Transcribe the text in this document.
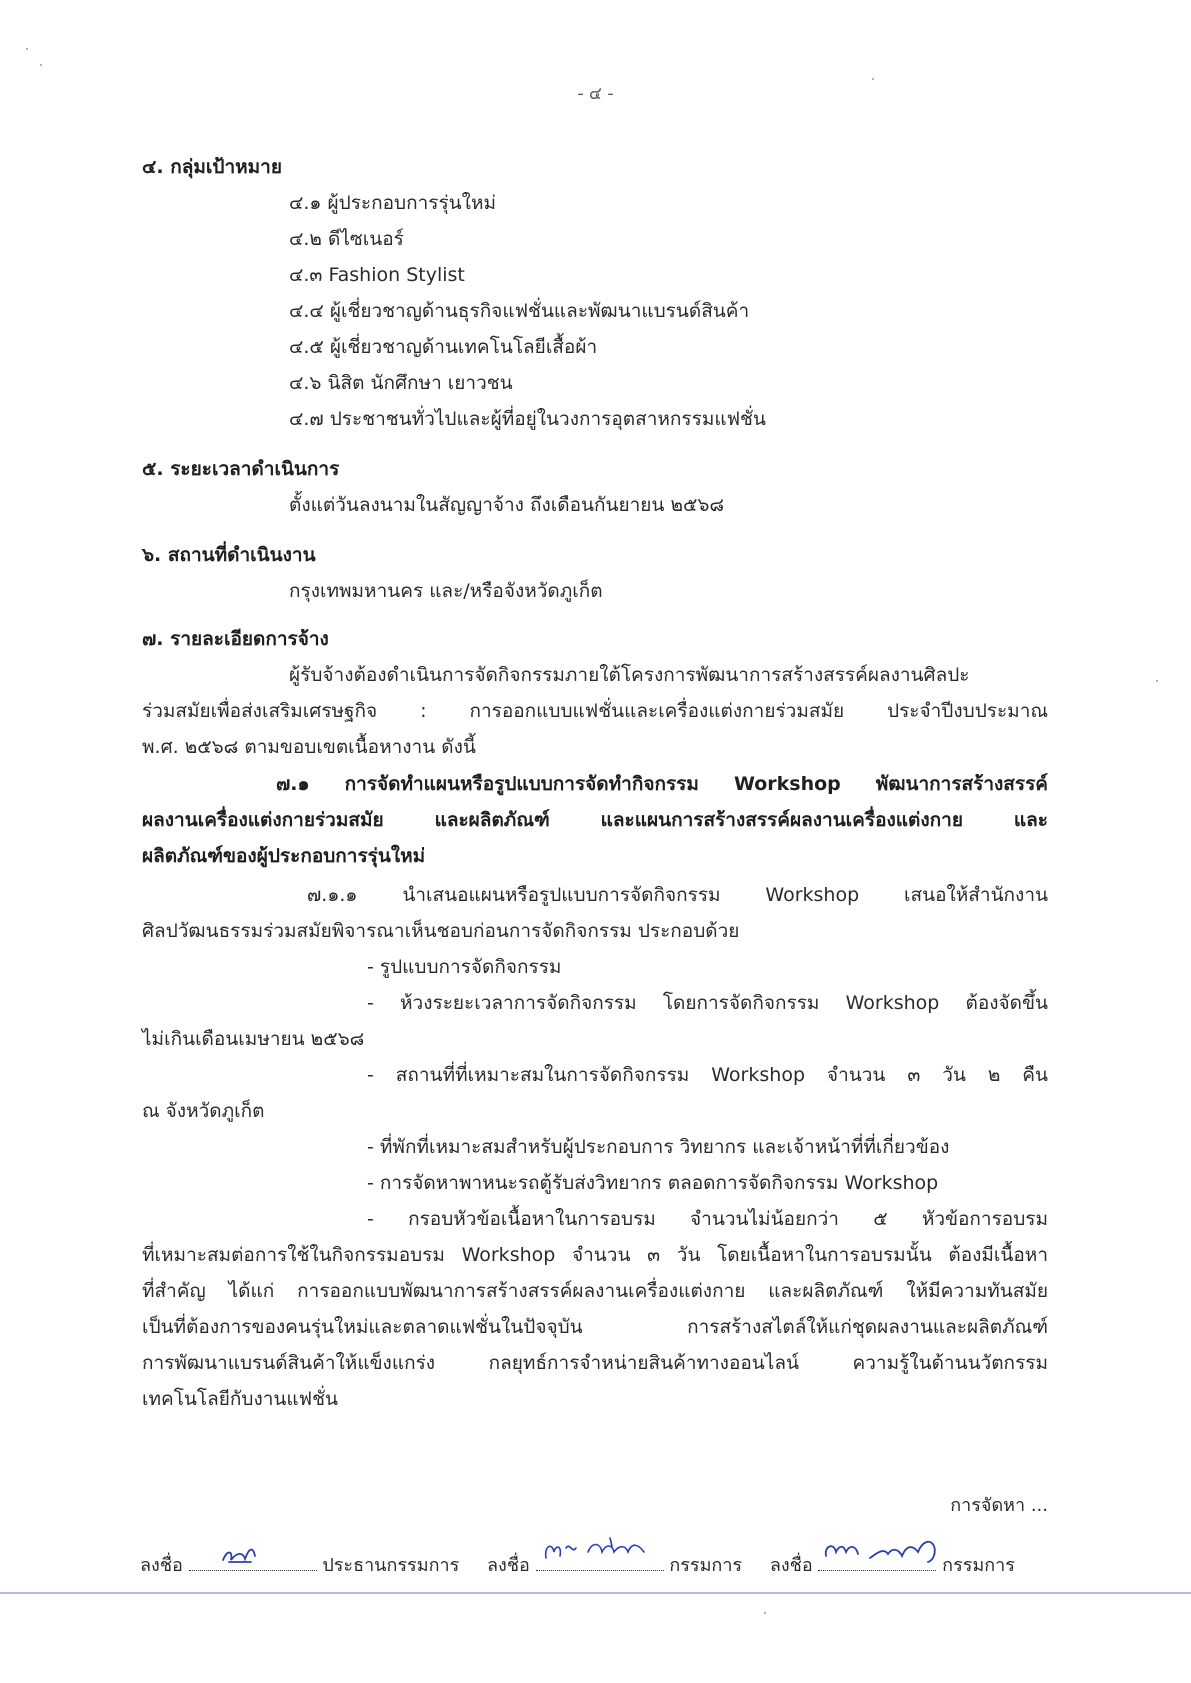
- ๔ -
๔. กลุ่มเป้าหมาย
๔.๑ ผู้ประกอบการรุ่นใหม่
๔.๒ ดีไซเนอร์
๔.๓ Fashion Stylist
๔.๔ ผู้เชี่ยวชาญด้านธุรกิจแฟชั่นและพัฒนาแบรนด์สินค้า
๔.๕ ผู้เชี่ยวชาญด้านเทคโนโลยีเสื้อผ้า
๔.๖ นิสิต นักศึกษา เยาวชน
๔.๗ ประชาชนทั่วไปและผู้ที่อยู่ในวงการอุตสาหกรรมแฟชั่น
๕. ระยะเวลาดำเนินการ
ตั้งแต่วันลงนามในสัญญาจ้าง ถึงเดือนกันยายน ๒๕๖๘
๖. สถานที่ดำเนินงาน
กรุงเทพมหานคร และ/หรือจังหวัดภูเก็ต
๗. รายละเอียดการจ้าง
ผู้รับจ้างต้องดำเนินการจัดกิจกรรมภายใต้โครงการพัฒนาการสร้างสรรค์ผลงานศิลปะ
ร่วมสมัยเพื่อส่งเสริมเศรษฐกิจ : การออกแบบแฟชั่นและเครื่องแต่งกายร่วมสมัย ประจำปีงบประมาณ
พ.ศ. ๒๕๖๘ ตามขอบเขตเนื้อหางาน ดังนี้
๗.๑ การจัดทำแผนหรือรูปแบบการจัดทำกิจกรรม Workshop พัฒนาการสร้างสรรค์
ผลงานเครื่องแต่งกายร่วมสมัย และผลิตภัณฑ์ และแผนการสร้างสรรค์ผลงานเครื่องแต่งกาย และ
ผลิตภัณฑ์ของผู้ประกอบการรุ่นใหม่
๗.๑.๑ นำเสนอแผนหรือรูปแบบการจัดกิจกรรม Workshop เสนอให้สำนักงาน
ศิลปวัฒนธรรมร่วมสมัยพิจารณาเห็นชอบก่อนการจัดกิจกรรม ประกอบด้วย
- รูปแบบการจัดกิจกรรม
- ห้วงระยะเวลาการจัดกิจกรรม โดยการจัดกิจกรรม Workshop ต้องจัดขึ้น
ไม่เกินเดือนเมษายน ๒๕๖๘
- สถานที่ที่เหมาะสมในการจัดกิจกรรม Workshop จำนวน ๓ วัน ๒ คืน
ณ จังหวัดภูเก็ต
- ที่พักที่เหมาะสมสำหรับผู้ประกอบการ วิทยากร และเจ้าหน้าที่ที่เกี่ยวข้อง
- การจัดหาพาหนะรถตู้รับส่งวิทยากร ตลอดการจัดกิจกรรม Workshop
- กรอบหัวข้อเนื้อหาในการอบรม จำนวนไม่น้อยกว่า ๕ หัวข้อการอบรม
ที่เหมาะสมต่อการใช้ในกิจกรรมอบรม Workshop จำนวน ๓ วัน โดยเนื้อหาในการอบรมนั้น ต้องมีเนื้อหา
ที่สำคัญ ได้แก่ การออกแบบพัฒนาการสร้างสรรค์ผลงานเครื่องแต่งกาย และผลิตภัณฑ์ ให้มีความทันสมัย
เป็นที่ต้องการของคนรุ่นใหม่และตลาดแฟชั่นในปัจจุบัน การสร้างสไตล์ให้แก่ชุดผลงานและผลิตภัณฑ์
การพัฒนาแบรนด์สินค้าให้แข็งแกร่ง กลยุทธ์การจำหน่ายสินค้าทางออนไลน์ ความรู้ในด้านนวัตกรรม
เทคโนโลยีกับงานแฟชั่น
การจัดหา ...
ลงชื่อ	ประธานกรรมการ ลงชื่อ	กรรมการ ลงชื่อ	กรรมการ
